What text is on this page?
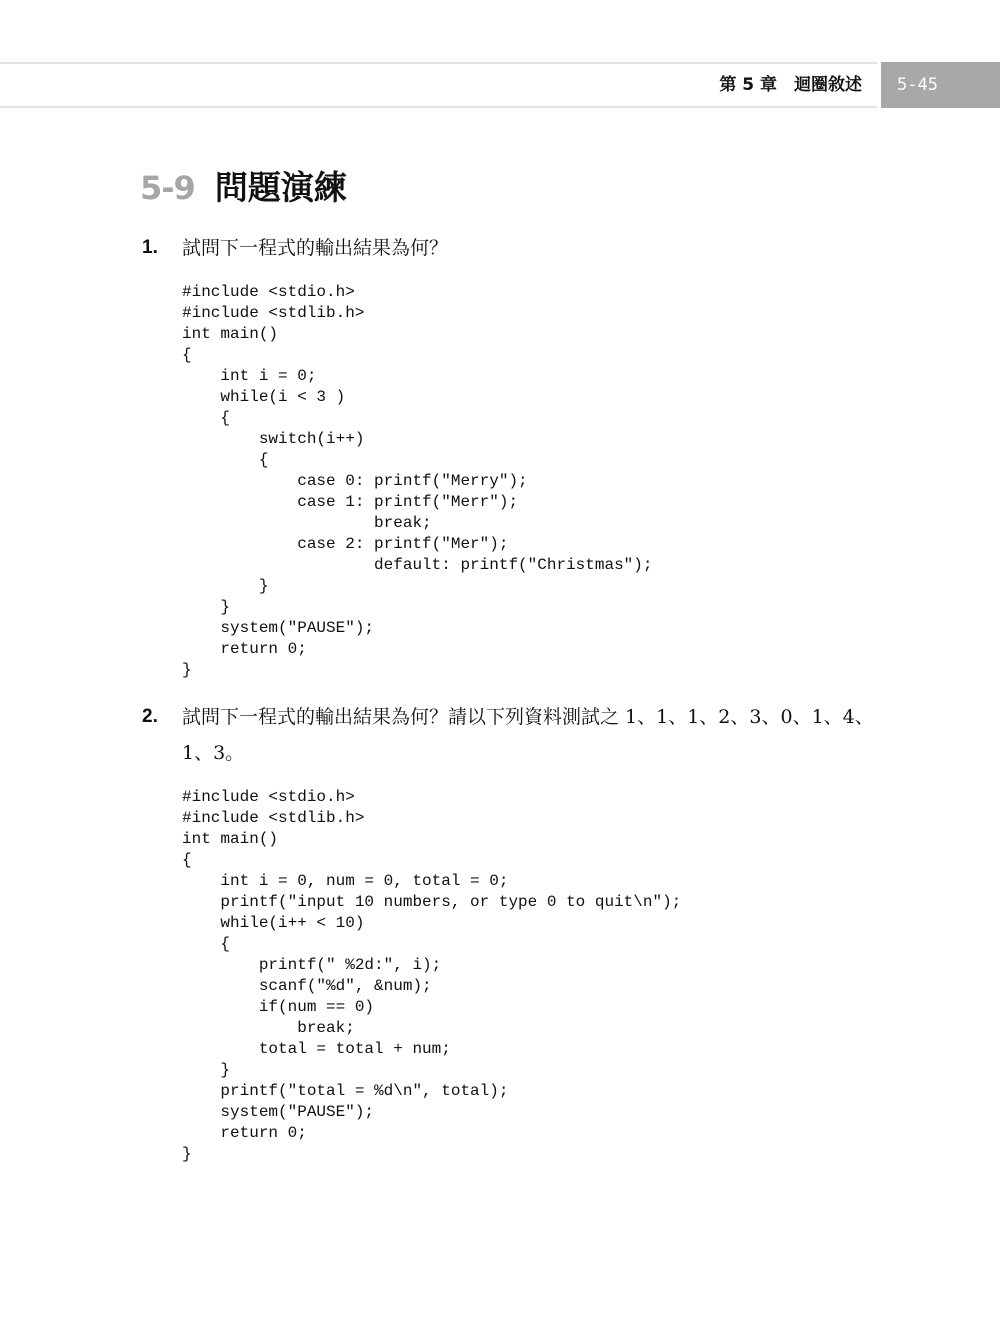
第 5 章　迴圈敘述 5-45
5-9 問題演練
1. 試問下一程式的輸出結果為何？
#include <stdio.h>
#include <stdlib.h>
int main()
{
int i = 0;
while(i < 3 )
{
switch(i++)
{
case 0: printf("Merry");
case 1: printf("Merr");
break;
case 2: printf("Mer");
default: printf("Christmas");
}
}
system("PAUSE");
return 0;
}
2. 試問下一程式的輸出結果為何？請以下列資料測試之 1、1、1、2、3、0、1、4、1、3。
#include <stdio.h>
#include <stdlib.h>
int main()
{
int i = 0, num = 0, total = 0;
printf("input 10 numbers, or type 0 to quit\n");
while(i++ < 10)
{
printf(" %2d:", i);
scanf("%d", &num);
if(num == 0)
break;
total = total + num;
}
printf("total = %d\n", total);
system("PAUSE");
return 0;
}
